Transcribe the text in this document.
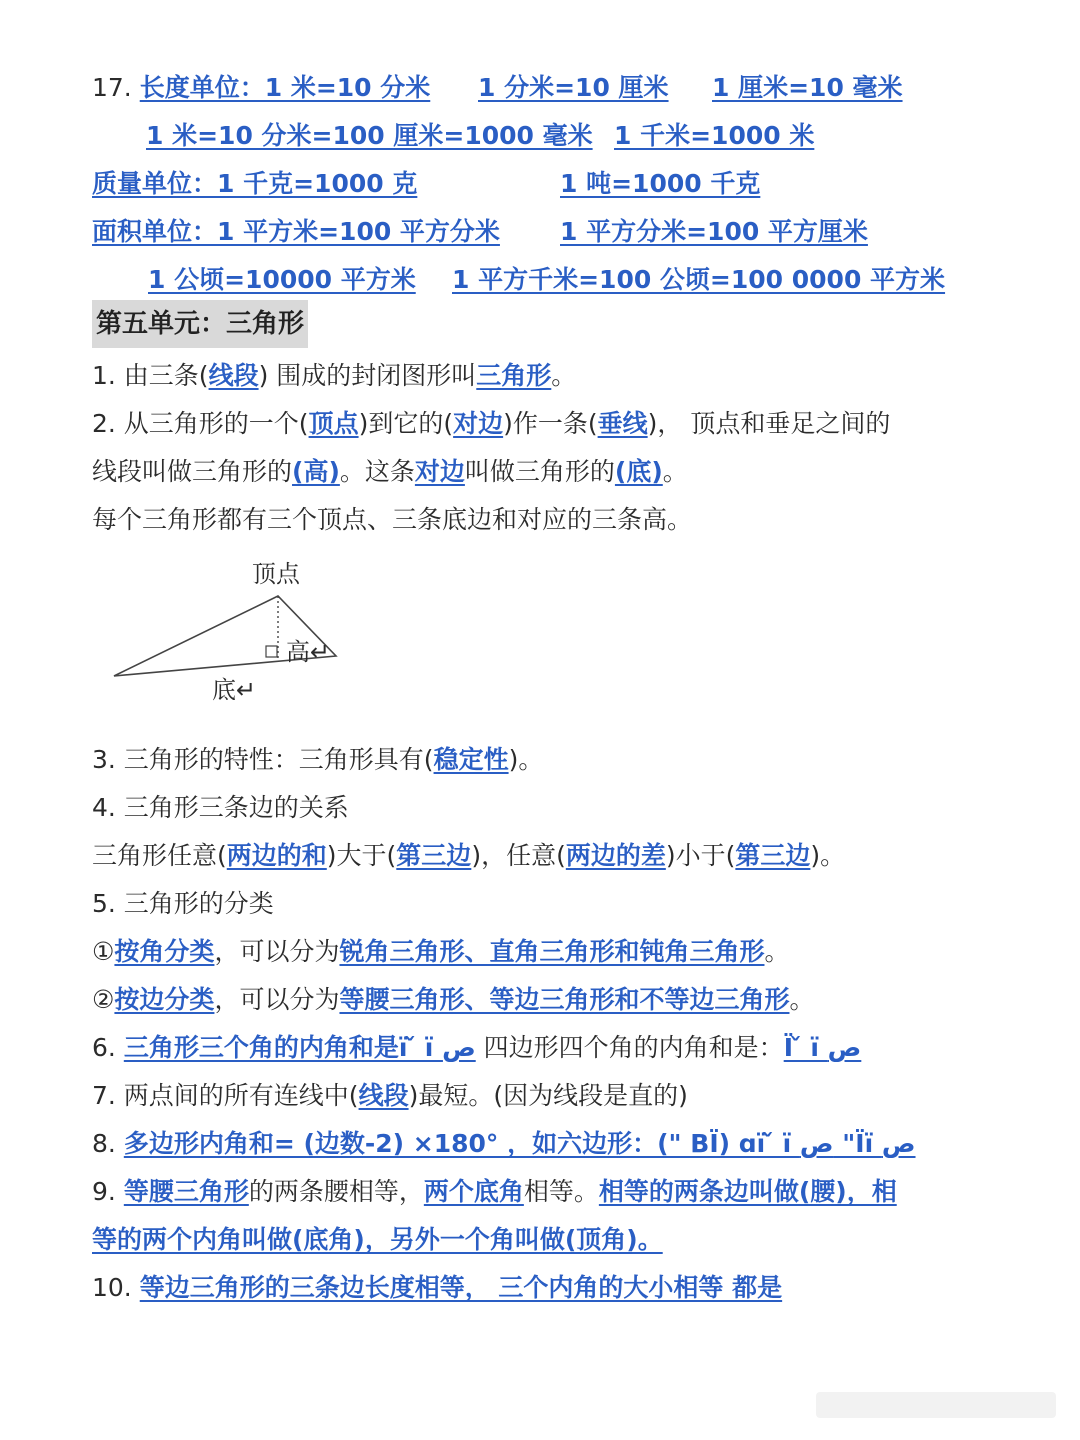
17. 长度单位：1 米=10 分米 1 分米=10 厘米 1 厘米=10 毫米
1 米=10 分米=100 厘米=1000 毫米 1 千米=1000 米
质量单位：1 千克=1000 克	1 吨=1000 千克
面积单位：1 平方米=100 平方分米 1 平方分米=100 平方厘米
1 公顷=10000 平方米 1 平方千米=100 公顷=100 0000 平方米
第五单元：三角形
1. 由三条(线段) 围成的封闭图形叫三角形。
2. 从三角形的一个(顶点)到它的(对边)作一条(垂线)， 顶点和垂足之间的
线段叫做三角形的(高)。这条对边叫做三角形的(底)。
每个三角形都有三个顶点、三条底边和对应的三条高。
顶点
高↵
底↵
3. 三角形的特性：三角形具有(稳定性)。
4. 三角形三条边的关系
三角形任意(两边的和)大于(第三边)，任意(两边的差)小于(第三边)。
5. 三角形的分类
①按角分类，可以分为锐角三角形、直角三角形和钝角三角形。
②按边分类，可以分为等腰三角形、等边三角形和不等边三角形。
6. 三角形三个角的内角和是ï ̌ ï ص 四边形四个角的内角和是：Ï ̌ ï ص
7. 两点间的所有连线中(线段)最短。(因为线段是直的)
8. 多边形内角和= (边数-2) ×180° ，如六边形：(" ΒÏ) ɑï ̌ ï ص "Ïï ص
9. 等腰三角形的两条腰相等，两个底角相等。相等的两条边叫做(腰)，相
等的两个内角叫做(底角)，另外一个角叫做(顶角)。
10. 等边三角形的三条边长度相等， 三个内角的大小相等 都是
